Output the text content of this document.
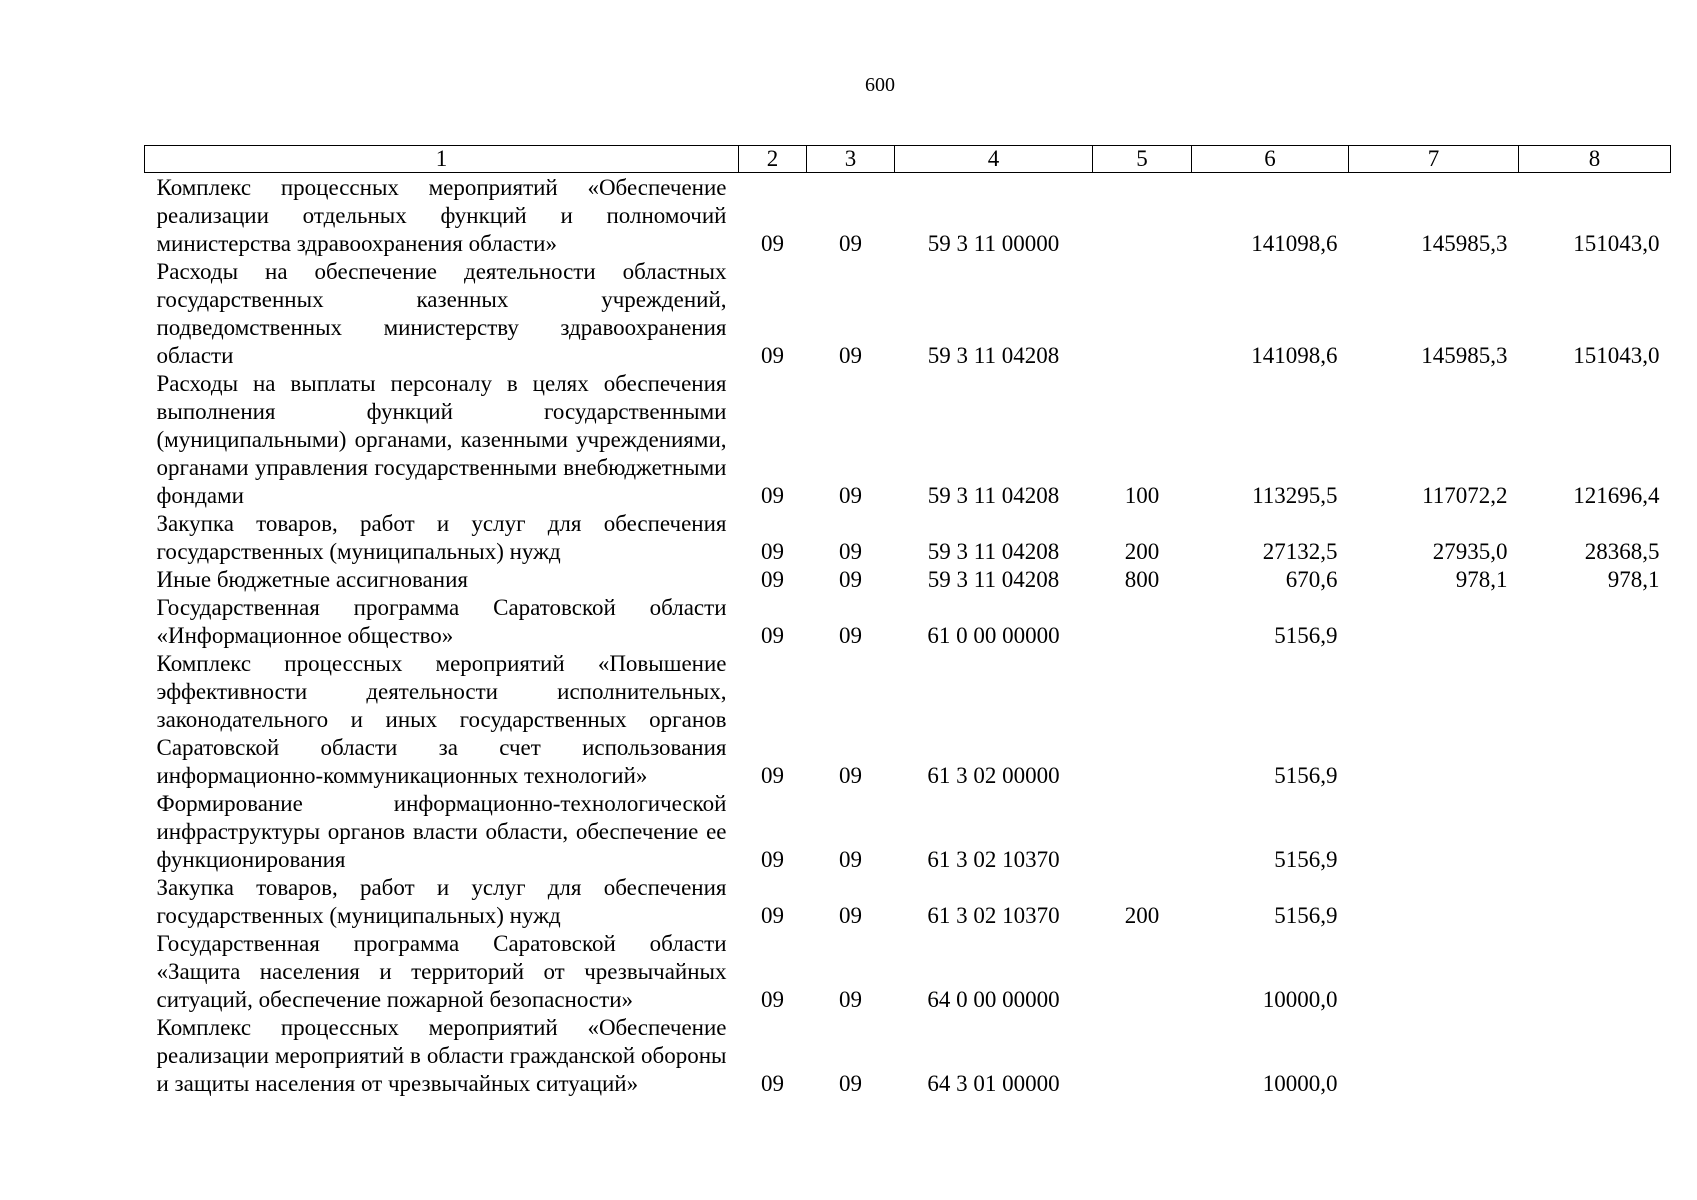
600
1	2	3	4	5	6	7	8
Комплекс процессных мероприятий «Обеспечение реализации отдельных функций и полномочий министерства здравоохранения области»	09	09	59 3 11 00000		141098,6	145985,3	151043,0
Расходы на обеспечение деятельности областных государственных казенных учреждений, подведомственных министерству здравоохранения области	09	09	59 3 11 04208		141098,6	145985,3	151043,0
Расходы на выплаты персоналу в целях обеспечения выполнения функций государственными (муниципальными) органами, казенными учреждениями, органами управления государственными внебюджетными фондами	09	09	59 3 11 04208	100	113295,5	117072,2	121696,4
Закупка товаров, работ и услуг для обеспечения государственных (муниципальных) нужд	09	09	59 3 11 04208	200	27132,5	27935,0	28368,5
Иные бюджетные ассигнования	09	09	59 3 11 04208	800	670,6	978,1	978,1
Государственная программа Саратовской области «Информационное общество»	09	09	61 0 00 00000		5156,9		
Комплекс процессных мероприятий «Повышение эффективности деятельности исполнительных, законодательного и иных государственных органов Саратовской области за счет использования информационно-коммуникационных технологий»	09	09	61 3 02 00000		5156,9		
Формирование информационно-технологической инфраструктуры органов власти области, обеспечение ее функционирования	09	09	61 3 02 10370		5156,9		
Закупка товаров, работ и услуг для обеспечения государственных (муниципальных) нужд	09	09	61 3 02 10370	200	5156,9		
Государственная программа Саратовской области «Защита населения и территорий от чрезвычайных ситуаций, обеспечение пожарной безопасности»	09	09	64 0 00 00000		10000,0		
Комплекс процессных мероприятий «Обеспечение реализации мероприятий в области гражданской обороны и защиты населения от чрезвычайных ситуаций»	09	09	64 3 01 00000		10000,0		
